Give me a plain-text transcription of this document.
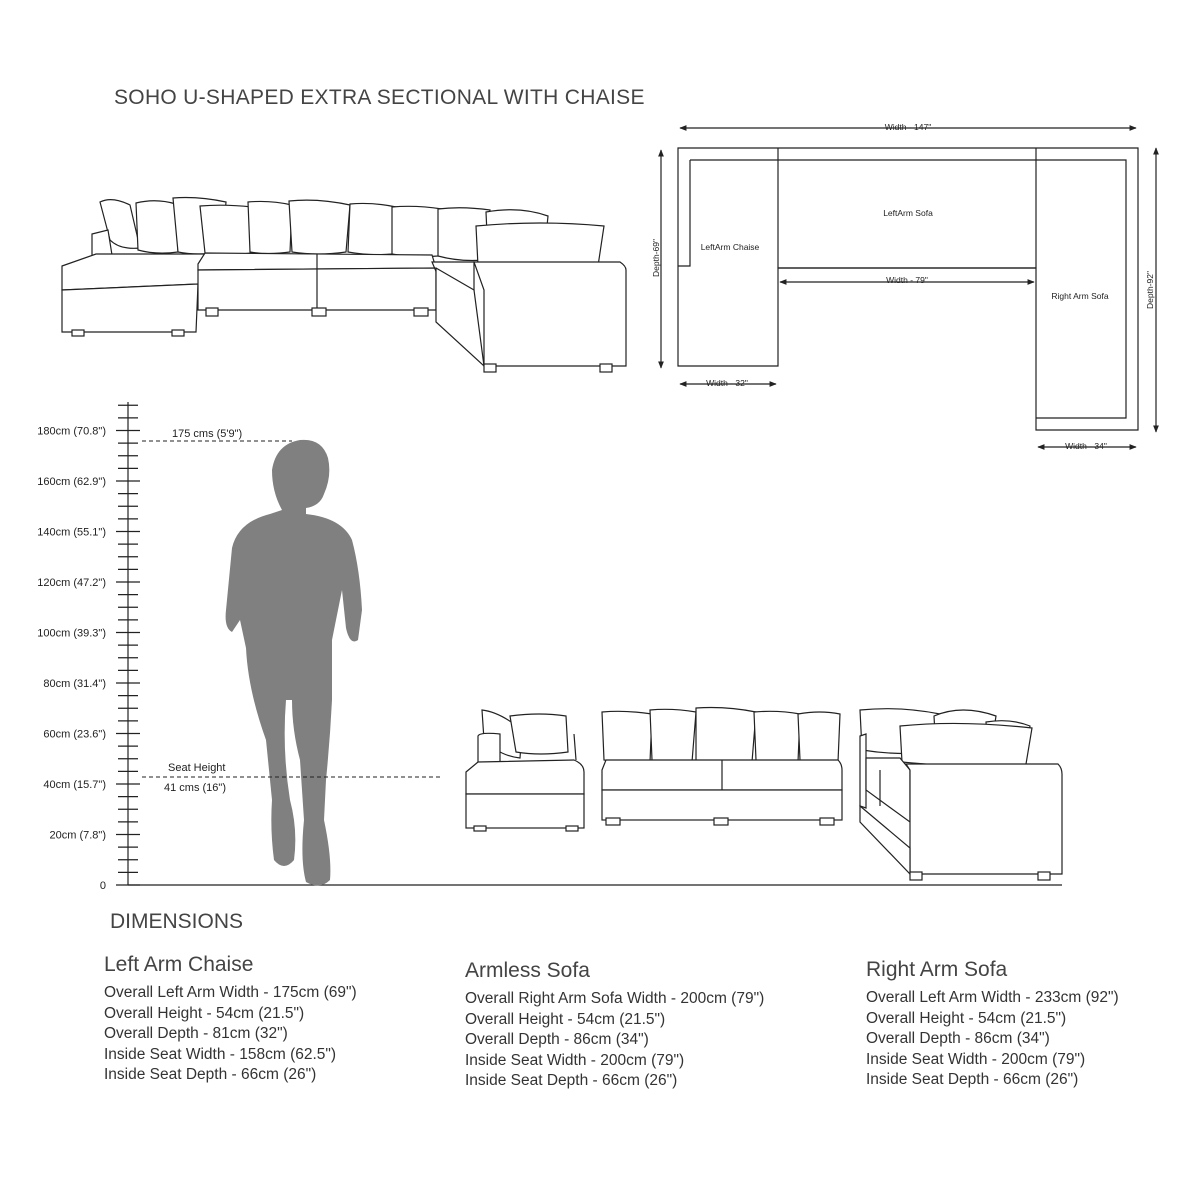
SOHO U-SHAPED EXTRA SECTIONAL WITH CHAISE
Width - 147"
LeftArm Sofa
LeftArm Chaise
Width - 79"
Right Arm Sofa
Width - 32"
Width - 34"
Depth-69"
Depth-92"
180cm (70.8")
160cm (62.9")
140cm (55.1")
120cm (47.2")
100cm (39.3")
80cm (31.4")
60cm (23.6")
40cm (15.7")
20cm (7.8")
0
175 cms (5'9")
Seat Height
41 cms (16")
DIMENSIONS
Left Arm Chaise
Overall Left Arm Width - 175cm (69")
Overall Height - 54cm (21.5")
Overall Depth - 81cm (32")
Inside Seat Width - 158cm (62.5")
Inside Seat Depth - 66cm (26")
Armless Sofa
Overall Right Arm Sofa Width - 200cm (79")
Overall Height - 54cm (21.5")
Overall Depth - 86cm (34")
Inside Seat Width - 200cm (79")
Inside Seat Depth - 66cm (26")
Right Arm Sofa
Overall Left Arm Width - 233cm (92")
Overall Height - 54cm (21.5")
Overall Depth - 86cm (34")
Inside Seat Width - 200cm (79")
Inside Seat Depth - 66cm (26")
